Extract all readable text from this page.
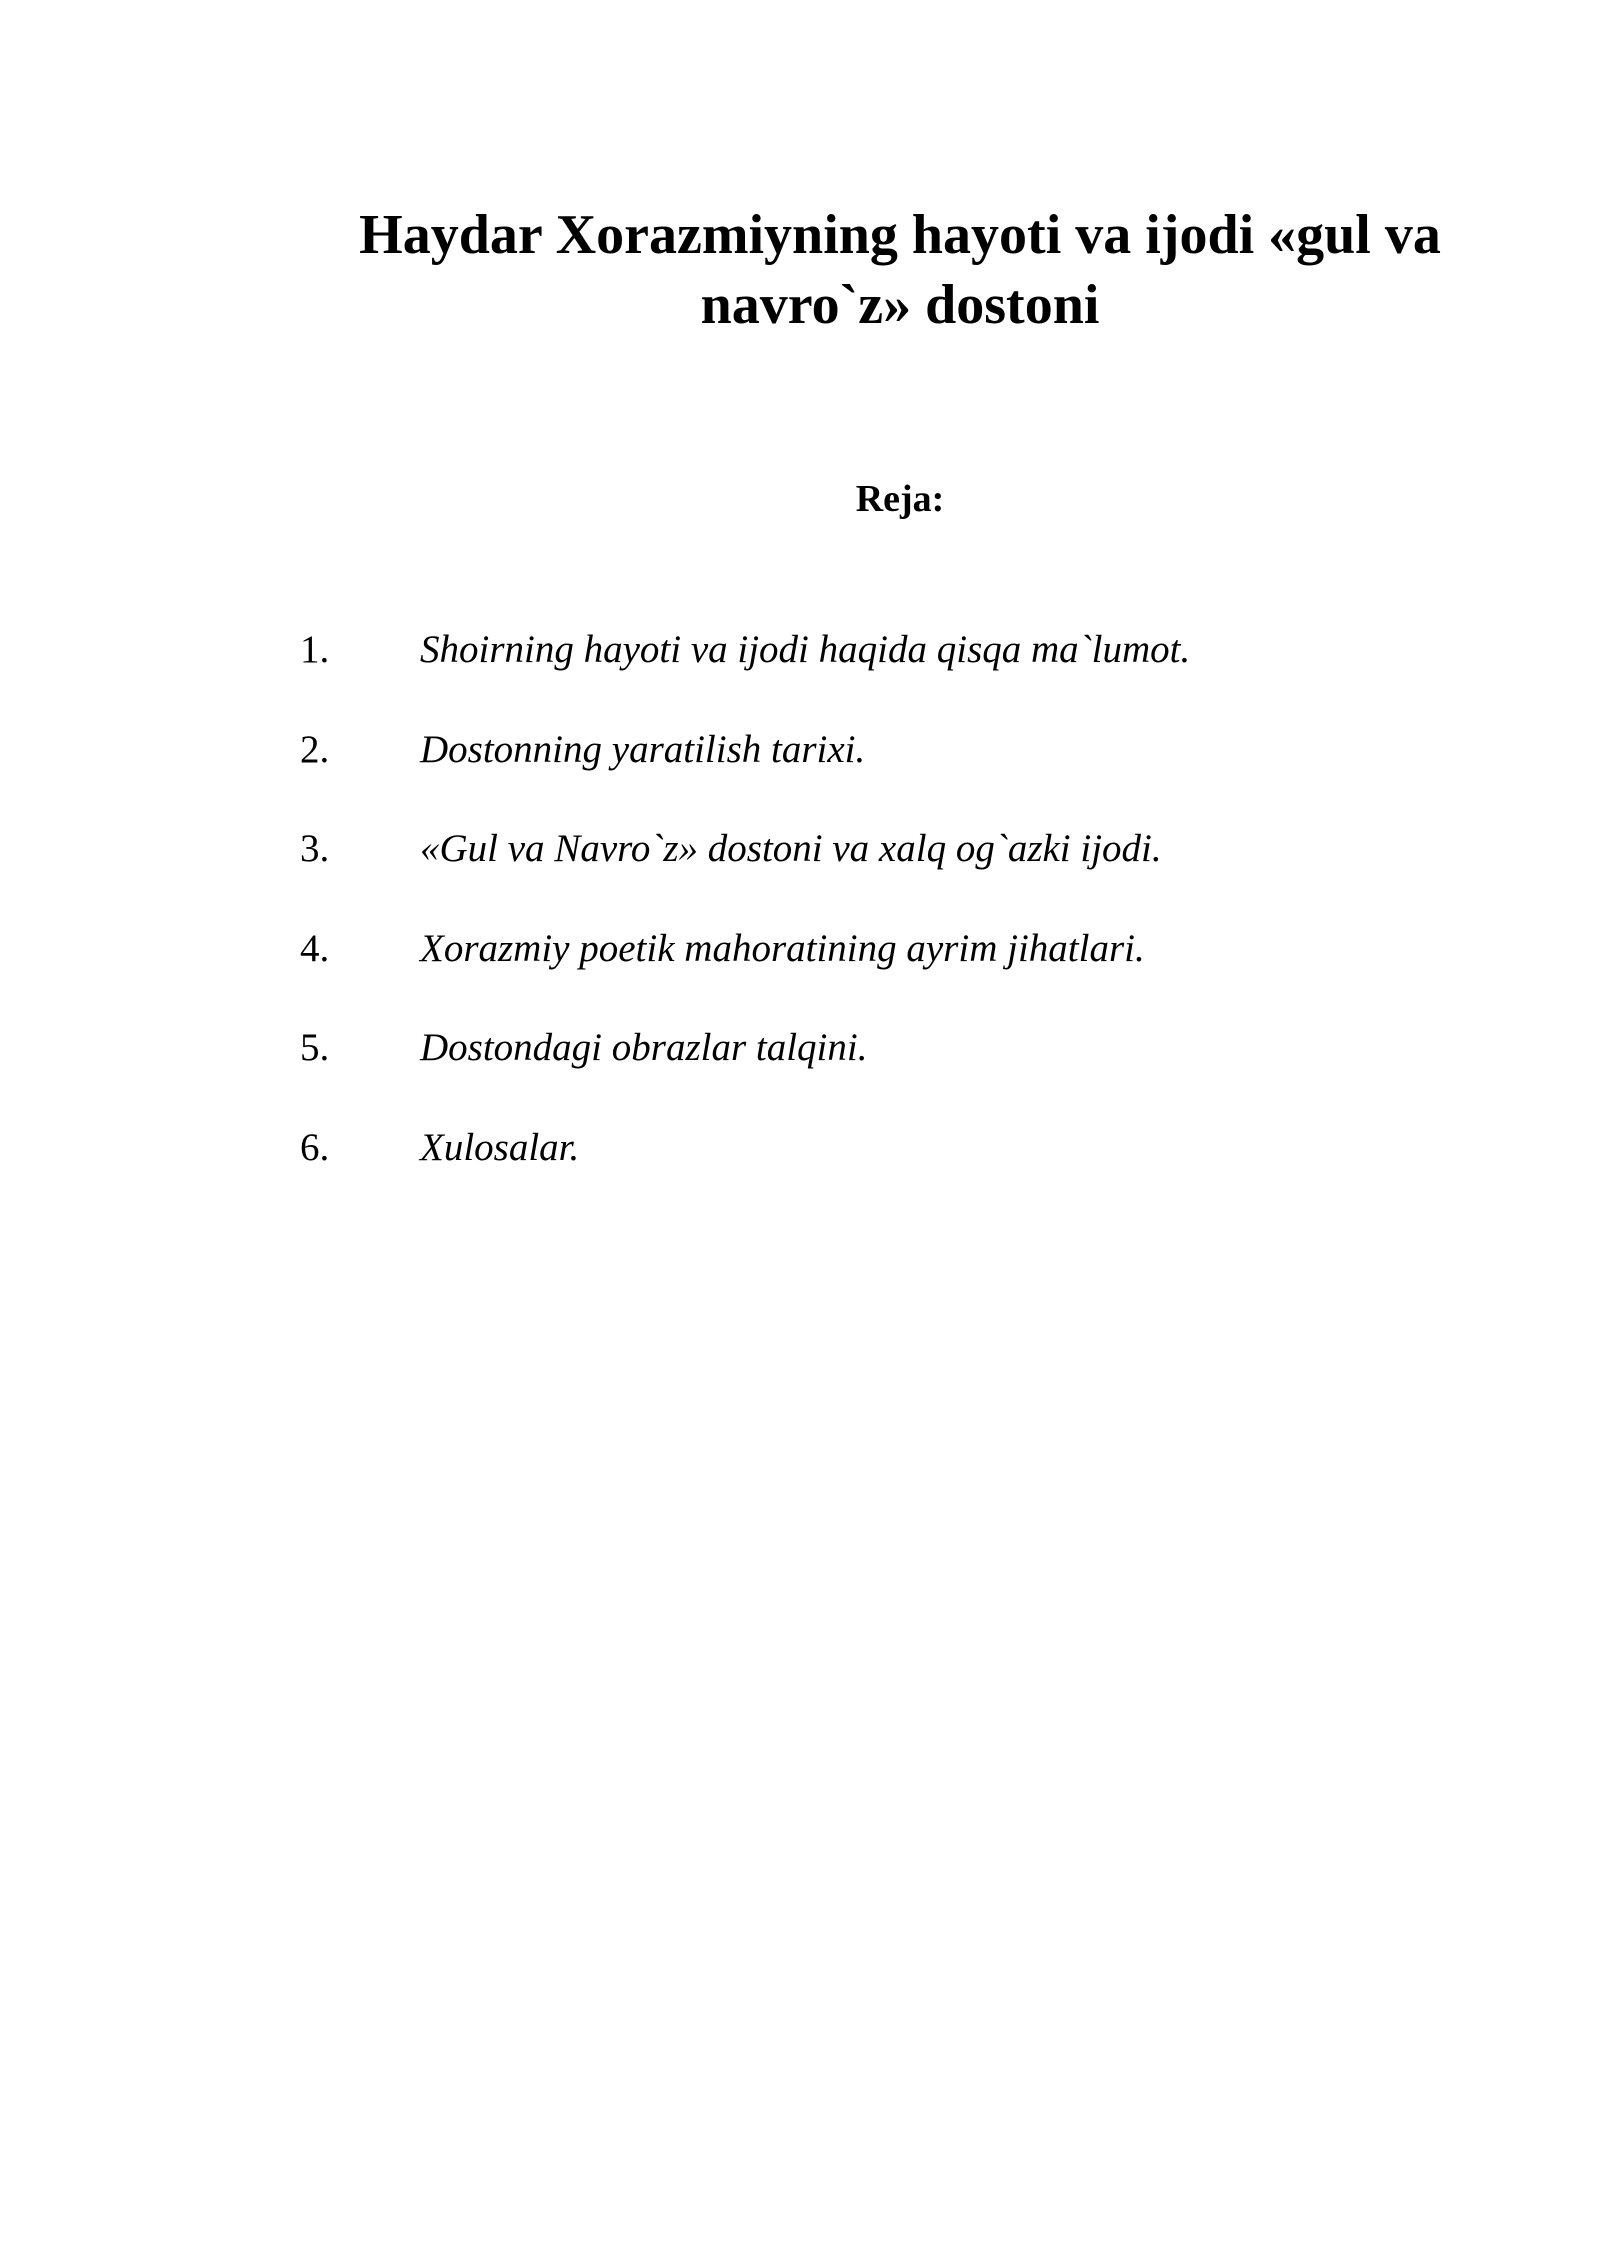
Haydar Xorazmiyning hayoti va ijodi «gul va
navro`z» dostoni
Reja:
1.	Shoirning hayoti va ijodi haqida qisqa ma`lumot.
2.	Dostonning yaratilish tarixi.
3.	«Gul va Navro`z» dostoni va xalq og`azki ijodi.
4.	Xorazmiy poetik mahoratining ayrim jihatlari.
5.	Dostondagi obrazlar talqini.
6.	Xulosalar.
